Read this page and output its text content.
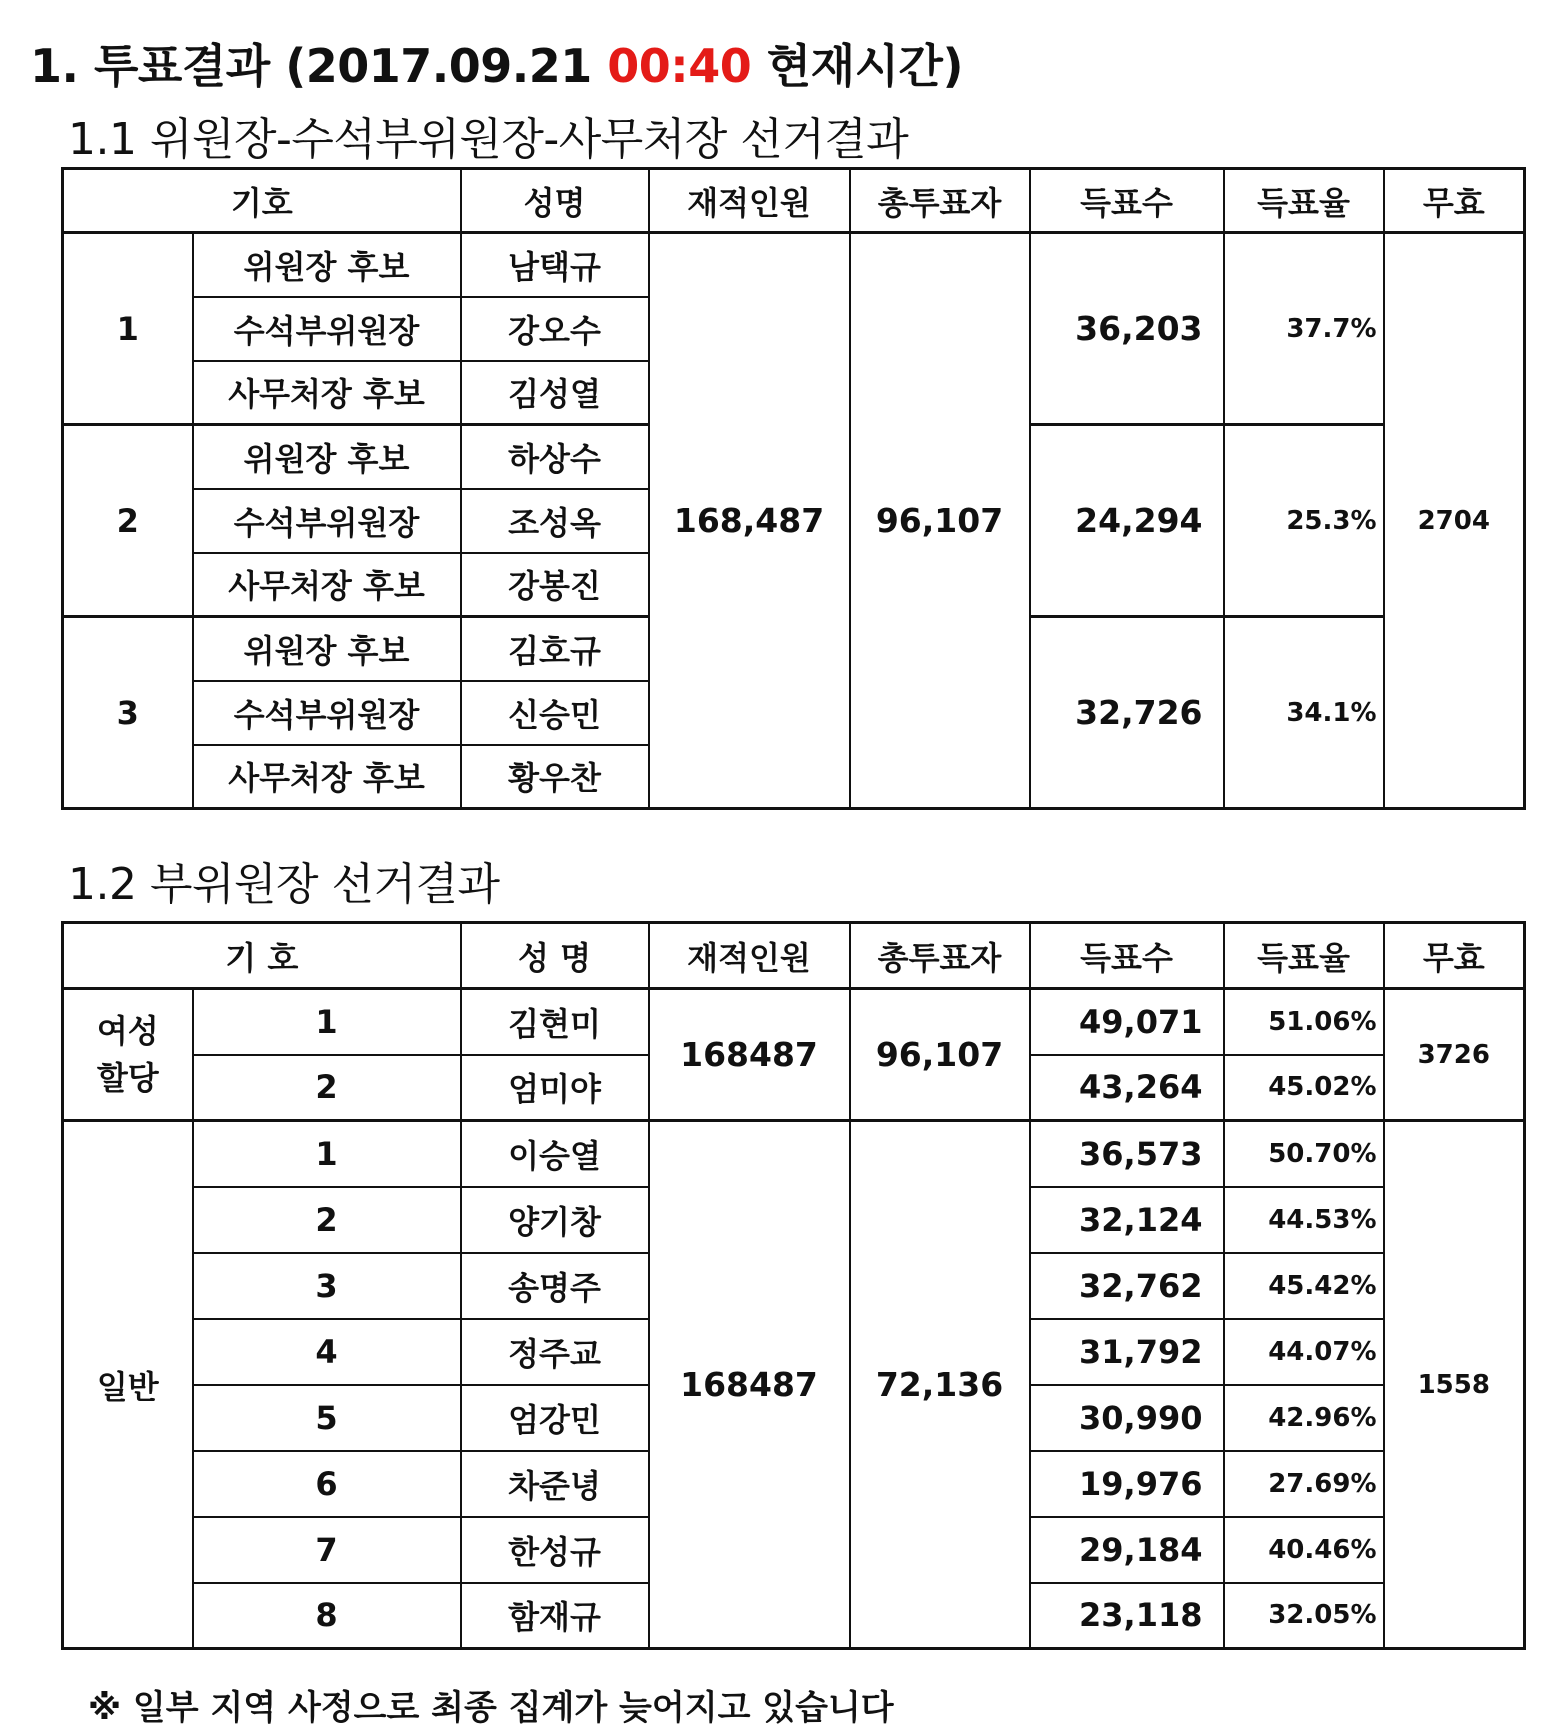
1. 투표결과 (2017.09.21 00:40 현재시간)
1.1 위원장-수석부위원장-사무처장 선거결과
기호		성명	재적인원	총투표자	득표수	득표율	무효
1	위원장 후보	남택규	168,487	96,107	36,203	37.7%	2704
	수석부위원장	강오수					
	사무처장 후보	김성열					
2	위원장 후보	하상수			24,294	25.3%	
	수석부위원장	조성옥					
	사무처장 후보	강봉진					
3	위원장 후보	김호규			32,726	34.1%	
	수석부위원장	신승민					
	사무처장 후보	황우찬					
1.2 부위원장 선거결과
기 호		성 명	재적인원	총투표자	득표수	득표율	무효
여성
할당	1	김현미	168487	96,107	49,071	51.06%	3726
	2	엄미야			43,264	45.02%	
일반	1	이승열	168487	72,136	36,573	50.70%	1558
	2	양기창			32,124	44.53%	
	3	송명주			32,762	45.42%	
	4	정주교			31,792	44.07%	
	5	엄강민			30,990	42.96%	
	6	차준녕			19,976	27.69%	
	7	한성규			29,184	40.46%	
	8	함재규			23,118	32.05%	
※ 일부 지역 사정으로 최종 집계가 늦어지고 있습니다
